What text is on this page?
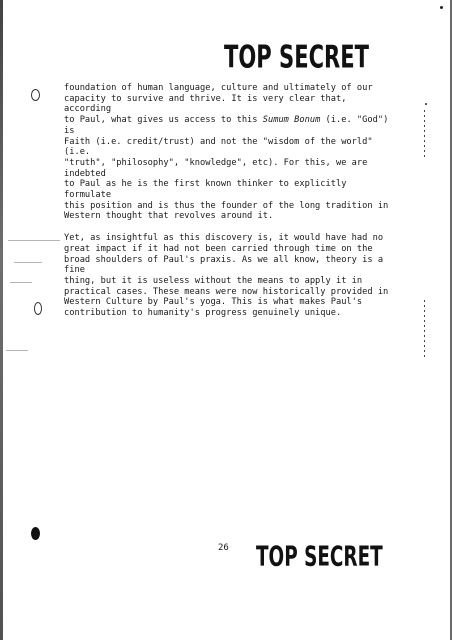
TOP SECRET

foundation of human language, culture and ultimately of our
capacity to survive and thrive. It is very clear that, according
to Paul, what gives us access to this Sumum Bonum (i.e. "God") is
Faith (i.e. credit/trust) and not the "wisdom of the world" (i.e.
"truth", "philosophy", "knowledge", etc). For this, we are indebted
to Paul as he is the first known thinker to explicitly formulate
this position and is thus the founder of the long tradition in
Western thought that revolves around it.

Yet, as insightful as this discovery is, it would have had no
great impact if it had not been carried through time on the
broad shoulders of Paul's praxis. As we all know, theory is a fine
thing, but it is useless without the means to apply it in
practical cases. These means were now historically provided in
Western Culture by Paul's yoga. This is what makes Paul's
contribution to humanity's progress genuinely unique.

26 TOP SECRET
